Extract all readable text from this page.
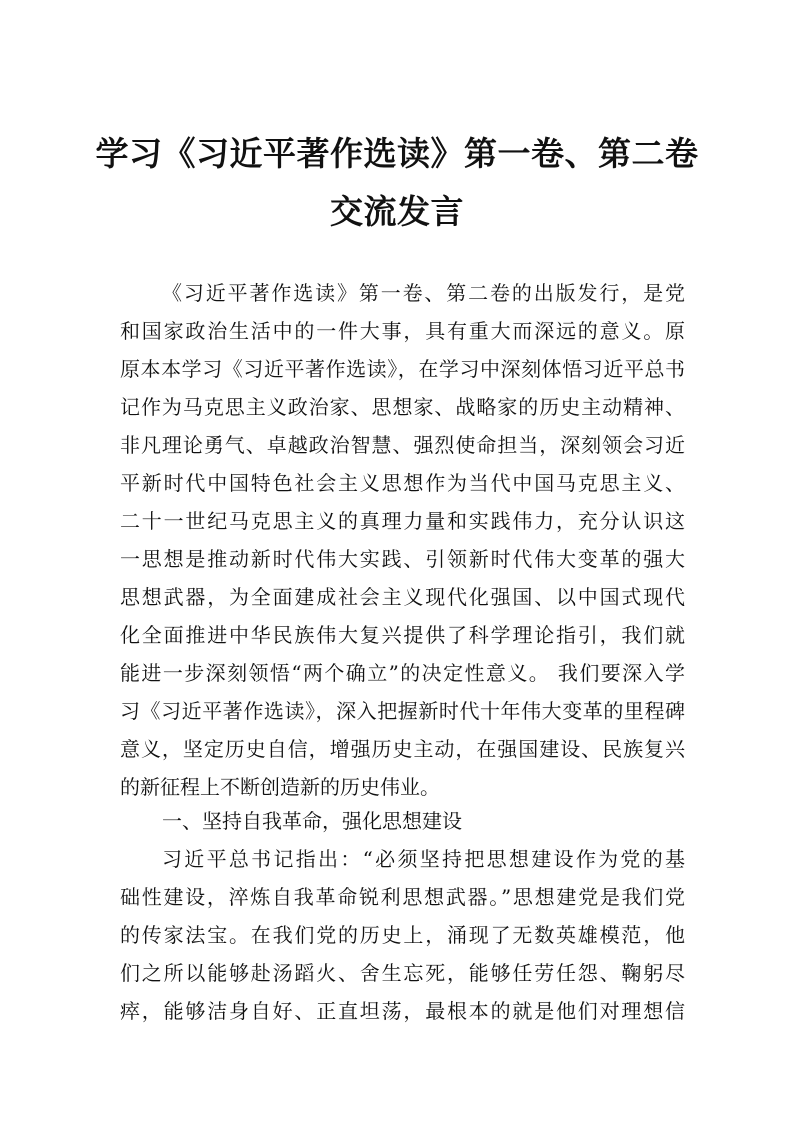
学习《习近平著作选读》第一卷、第二卷
交流发言
《习近平著作选读》第一卷、第二卷的出版发行，是党
和国家政治生活中的一件大事，具有重大而深远的意义。原
原本本学习《习近平著作选读》，在学习中深刻体悟习近平总书
记作为马克思主义政治家、思想家、战略家的历史主动精神、
非凡理论勇气、卓越政治智慧、强烈使命担当，深刻领会习近
平新时代中国特色社会主义思想作为当代中国马克思主义、
二十一世纪马克思主义的真理力量和实践伟力，充分认识这
一思想是推动新时代伟大实践、引领新时代伟大变革的强大
思想武器，为全面建成社会主义现代化强国、以中国式现代
化全面推进中华民族伟大复兴提供了科学理论指引，我们就
能进一步深刻领悟“两个确立”的决定性意义。 我们要深入学
习《习近平著作选读》，深入把握新时代十年伟大变革的里程碑
意义，坚定历史自信，增强历史主动，在强国建设、民族复兴
的新征程上不断创造新的历史伟业。
一、坚持自我革命，强化思想建设
习近平总书记指出：“必须坚持把思想建设作为党的基
础性建设，淬炼自我革命锐利思想武器。”思想建党是我们党
的传家法宝。在我们党的历史上，涌现了无数英雄模范，他
们之所以能够赴汤蹈火、舍生忘死，能够任劳任怨、鞠躬尽
瘁，能够洁身自好、正直坦荡，最根本的就是他们对理想信
